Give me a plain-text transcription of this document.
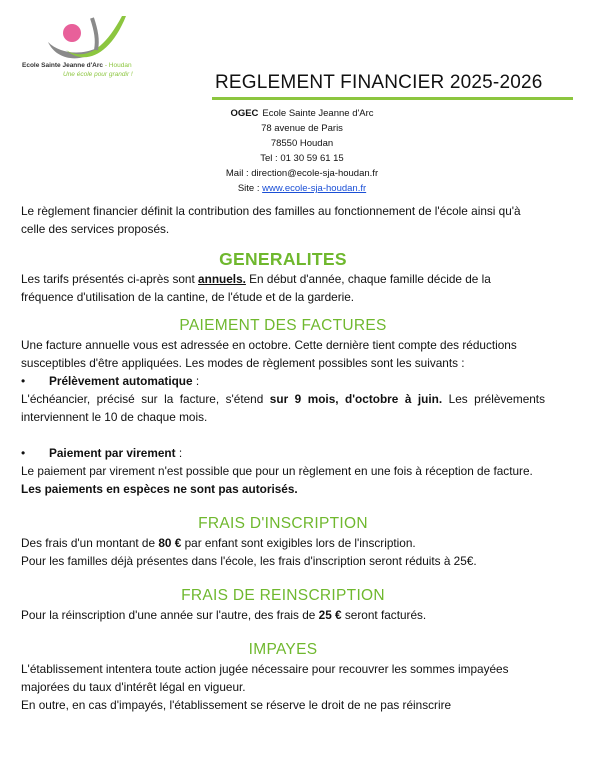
Ecole Sainte Jeanne d'Arc - Houdan
Une école pour grandir !	REGLEMENT FINANCIER 2025-2026
OGEC Ecole Sainte Jeanne d'Arc
78 avenue de Paris
78550 Houdan
Tel : 01 30 59 61 15
Mail : direction@ecole-sja-houdan.fr
Site : www.ecole-sja-houdan.fr

Le règlement financier définit la contribution des familles au fonctionnement de l'école ainsi qu'à celle des services proposés.

GENERALITES

Les tarifs présentés ci-après sont annuels. En début d'année, chaque famille décide de la fréquence d'utilisation de la cantine, de l'étude et de la garderie.

PAIEMENT DES FACTURES

Une facture annuelle vous est adressée en octobre. Cette dernière tient compte des réductions susceptibles d'être appliquées. Les modes de règlement possibles sont les suivants :

•	Prélèvement automatique :

L'échéancier, précisé sur la facture, s'étend sur 9 mois, d'octobre à juin. Les prélèvements interviennent le 10 de chaque mois.

•	Paiement par virement :

Le paiement par virement n'est possible que pour un règlement en une fois à réception de facture.

Les paiements en espèces ne sont pas autorisés.

FRAIS D'INSCRIPTION

Des frais d'un montant de 80 € par enfant sont exigibles lors de l'inscription.

Pour les familles déjà présentes dans l'école, les frais d'inscription seront réduits à 25€.

FRAIS DE REINSCRIPTION

Pour la réinscription d'une année sur l'autre, des frais de 25 € seront facturés.

IMPAYES

L'établissement intentera toute action jugée nécessaire pour recouvrer les sommes impayées majorées du taux d'intérêt légal en vigueur.

En outre, en cas d'impayés, l'établissement se réserve le droit de ne pas réinscrire
